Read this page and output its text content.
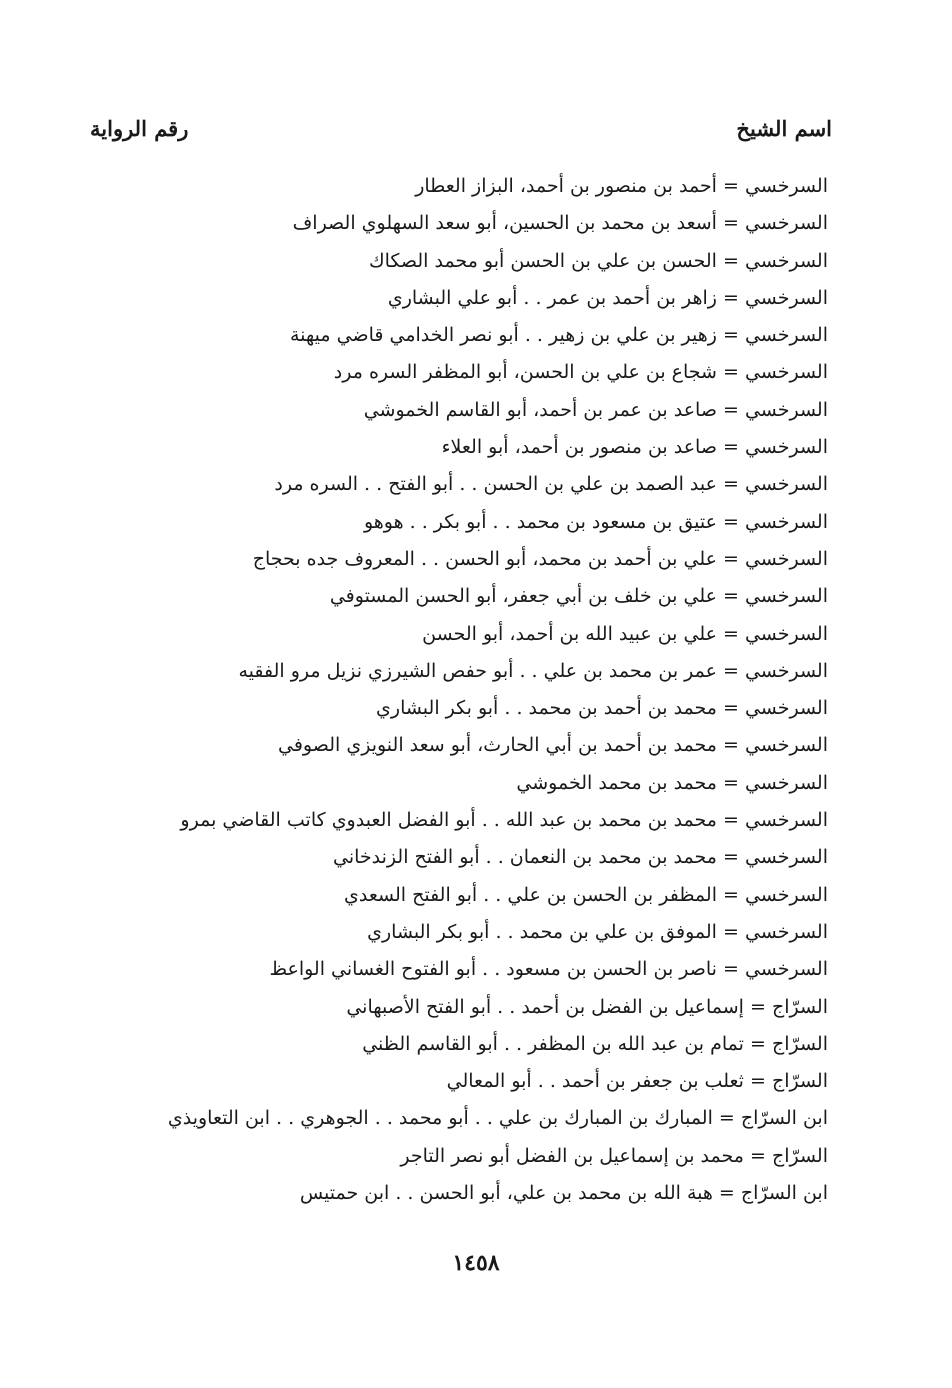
اسم الشيخ
رقم الرواية
السرخسي = أحمد بن منصور بن أحمد، البزاز العطار
السرخسي = أسعد بن محمد بن الحسين، أبو سعد السهلوي الصراف
السرخسي = الحسن بن علي بن الحسن أبو محمد الصكاك
السرخسي = زاهر بن أحمد بن عمر . . أبو علي البشاري
السرخسي = زهير بن علي بن زهير . . أبو نصر الخدامي قاضي ميهنة
السرخسي = شجاع بن علي بن الحسن، أبو المظفر السره مرد
السرخسي = صاعد بن عمر بن أحمد، أبو القاسم الخموشي
السرخسي = صاعد بن منصور بن أحمد، أبو العلاء
السرخسي = عبد الصمد بن علي بن الحسن . . أبو الفتح . . السره مرد
السرخسي = عتيق بن مسعود بن محمد . . أبو بكر . . هوهو
السرخسي = علي بن أحمد بن محمد، أبو الحسن . . المعروف جده بحجاج
السرخسي = علي بن خلف بن أبي جعفر، أبو الحسن المستوفي
السرخسي = علي بن عبيد الله بن أحمد، أبو الحسن
السرخسي = عمر بن محمد بن علي . . أبو حفص الشيرزي نزيل مرو الفقيه
السرخسي = محمد بن أحمد بن محمد . . أبو بكر البشاري
السرخسي = محمد بن أحمد بن أبي الحارث، أبو سعد النويزي الصوفي
السرخسي = محمد بن محمد الخموشي
السرخسي = محمد بن محمد بن عبد الله . . أبو الفضل العبدوي كاتب القاضي بمرو
السرخسي = محمد بن محمد بن النعمان . . أبو الفتح الزندخاني
السرخسي = المظفر بن الحسن بن علي . . أبو الفتح السعدي
السرخسي = الموفق بن علي بن محمد . . أبو بكر البشاري
السرخسي = ناصر بن الحسن بن مسعود . . أبو الفتوح الغساني الواعظ
السرّاج = إسماعيل بن الفضل بن أحمد . . أبو الفتح الأصبهاني
السرّاج = تمام بن عبد الله بن المظفر . . أبو القاسم الظني
السرّاج = ثعلب بن جعفر بن أحمد . . أبو المعالي
ابن السرّاج = المبارك بن المبارك بن علي . . أبو محمد . . الجوهري . . ابن التعاويذي
السرّاج = محمد بن إسماعيل بن الفضل أبو نصر التاجر
ابن السرّاج = هبة الله بن محمد بن علي، أبو الحسن . . ابن حمتيس
١٤٥٨
